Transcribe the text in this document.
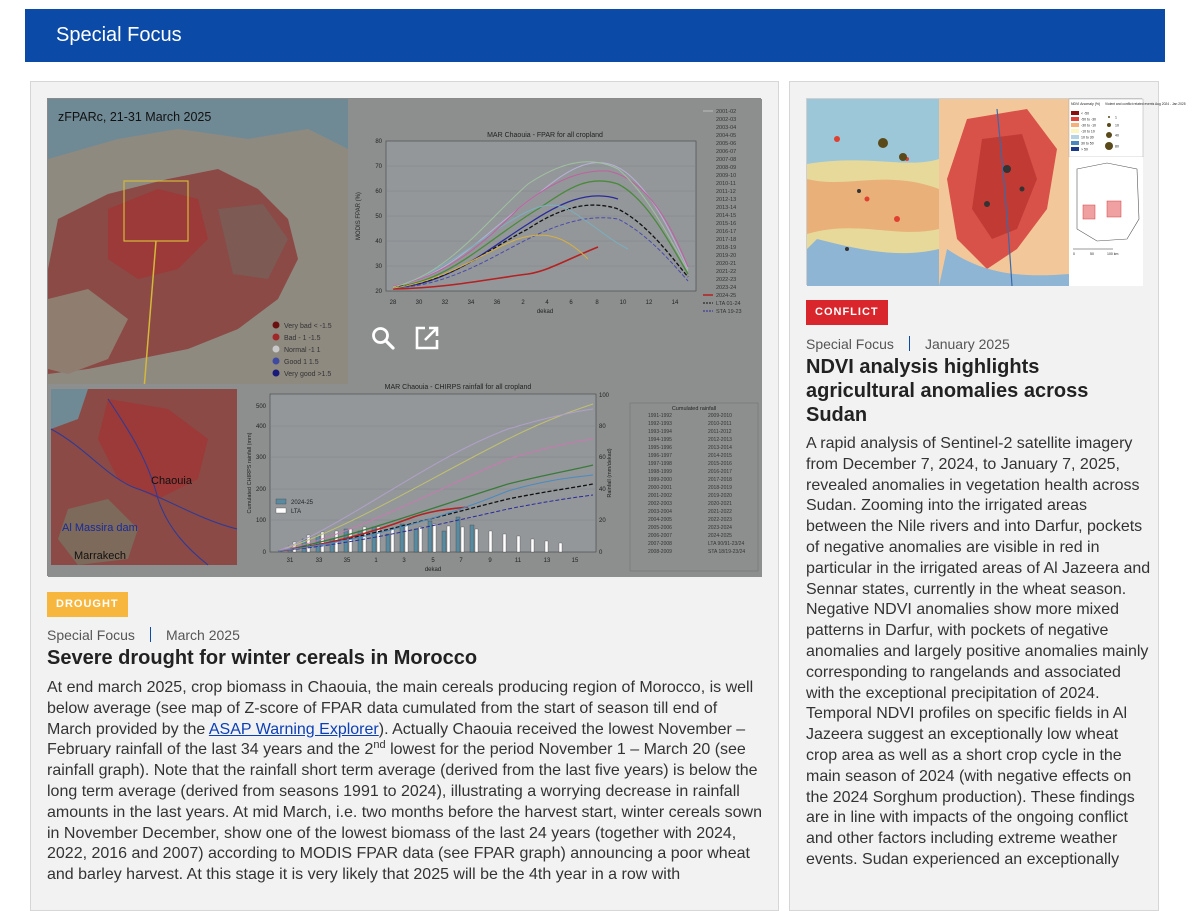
Special Focus
zFPARc, 21-31 March 2025
Very bad < -1.5
Bad - 1 -1.5
Normal -1 1
Good 1 1.5
Very good >1.5
MAR Chaouia - FPAR for all cropland
20
30
40
50
60
70
80
28	30	32	34	36	2	4	6	8	10	12	14
dekad
MODIS FPAR (%)
2001-02
2002-03
2003-04
2004-05
2005-06
2006-07
2007-08
2008-09
2009-10
2010-11
2011-12
2012-13
2013-14
2014-15
2015-16
2016-17
2017-18
2018-19
2019-20
2020-21
2021-22
2022-23
2023-24
2024-25
LTA 01-24
STA 19-23
Chaouia
Al Massira dam
Marrakech
MAR Chaouia - CHIRPS rainfall for all cropland
0
100
200
300
400
500
0
20
40
60
80
100
31	33	35	1	3	5	7	9	11	13	15
dekad
Cumulated CHIRPS rainfall (mm)	Rainfall (mm/dekad)
2024-25
LTA
Cumulated rainfall
1991-1992
1992-1993
1993-1994
1994-1995
1995-1996
1996-1997
1997-1998
1998-1999
1999-2000
2000-2001
2001-2002
2002-2003
2003-2004
2004-2005
2005-2006
2006-2007
2007-2008
2008-2009
2009-2010
2010-2011
2011-2012
2012-2013
2013-2014
2014-2015
2015-2016
2016-2017
2017-2018
2018-2019
2019-2020
2020-2021
2021-2022
2022-2023
2023-2024
2024-2025
LTA 90/91-23/24
STA 18/19-23/24
DROUGHT
Special Focus March 2025
Severe drought for winter cereals in Morocco
At end march 2025, crop biomass in Chaouia, the main cereals producing region of Morocco, is well below average (see map of Z-score of FPAR data cumulated from the start of season till end of March provided by the ASAP Warning Explorer). Actually Chaouia received the lowest November – February rainfall of the last 34 years and the 2nd lowest for the period November 1 – March 20 (see rainfall graph). Note that the rainfall short term average (derived from the last five years) is below the long term average (derived from seasons 1991 to 2024), illustrating a worrying decrease in rainfall amounts in the last years. At mid March, i.e. two months before the harvest start, winter cereals sown in November December, show one of the lowest biomass of the last 24 years (together with 2024, 2022, 2016 and 2007) according to MODIS FPAR data (see FPAR graph) announcing a poor wheat and barley harvest. At this stage it is very likely that 2025 will be the 4th year in a row with
NDVI Anomaly (%)
< -50
-50 to -30
-30 to -10
-10 to 10
10 to 30
30 to 50
> 50
Violent and conflict related events Aug 2024 - Jan 2025
1
10
40
80
0	50	100 km
CONFLICT
Special Focus January 2025
NDVI analysis highlights agricultural anomalies across Sudan
A rapid analysis of Sentinel-2 satellite imagery from December 7, 2024, to January 7, 2025, revealed anomalies in vegetation health across Sudan. Zooming into the irrigated areas between the Nile rivers and into Darfur, pockets of negative anomalies are visible in red in particular in the irrigated areas of Al Jazeera and Sennar states, currently in the wheat season. Negative NDVI anomalies show more mixed patterns in Darfur, with pockets of negative anomalies and largely positive anomalies mainly corresponding to rangelands and associated with the exceptional precipitation of 2024.
Temporal NDVI profiles on specific fields in Al Jazeera suggest an exceptionally low wheat crop area as well as a short crop cycle in the main season of 2024 (with negative effects on the 2024 Sorghum production). These findings are in line with impacts of the ongoing conflict and other factors including extreme weather events. Sudan experienced an exceptionally
